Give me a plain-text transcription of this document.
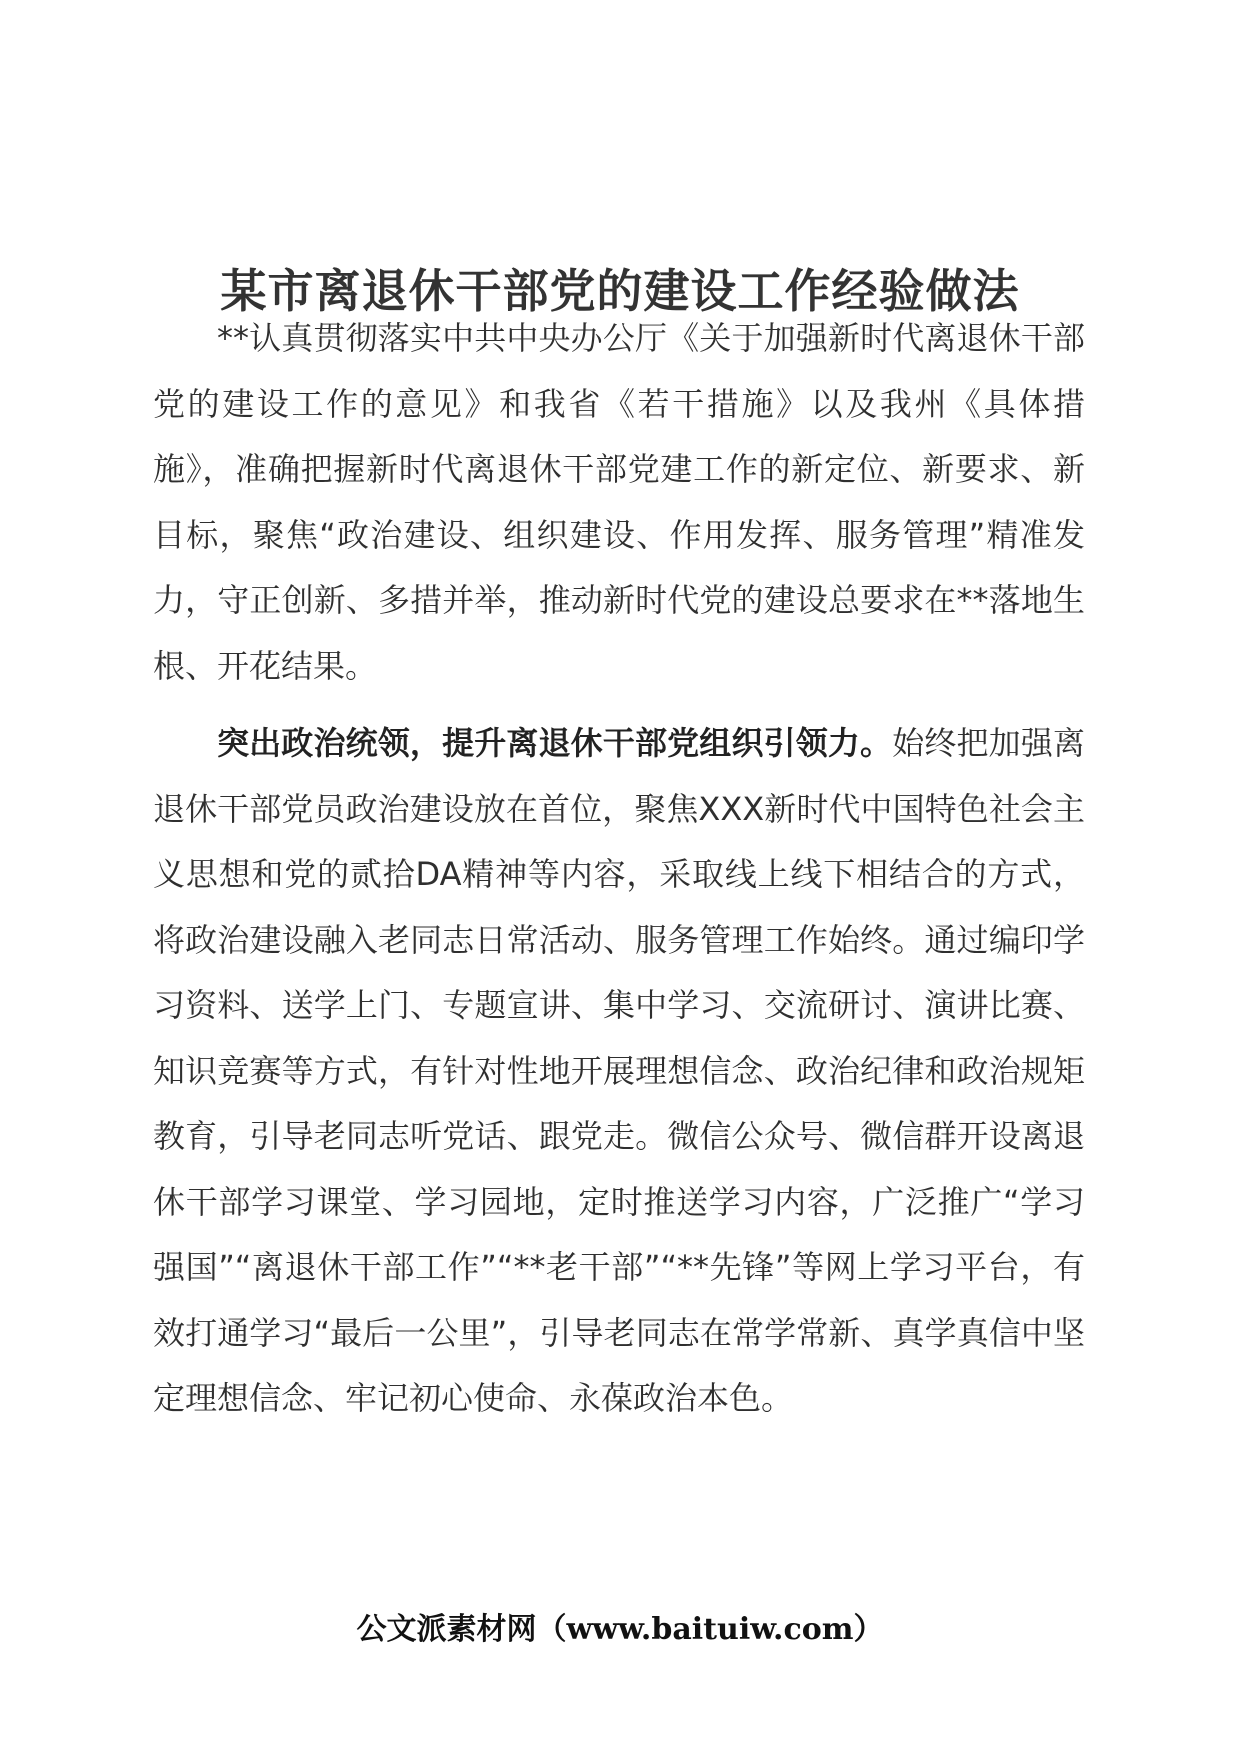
某市离退休干部党的建设工作经验做法

**认真贯彻落实中共中央办公厅《关于加强新时代离退休干部党的建设工作的意见》和我省《若干措施》以及我州《具体措施》，准确把握新时代离退休干部党建工作的新定位、新要求、新目标，聚焦“政治建设、组织建设、作用发挥、服务管理”精准发力，守正创新、多措并举，推动新时代党的建设总要求在**落地生根、开花结果。

突出政治统领，提升离退休干部党组织引领力。始终把加强离退休干部党员政治建设放在首位，聚焦XXX新时代中国特色社会主义思想和党的贰拾DA精神等内容，采取线上线下相结合的方式，将政治建设融入老同志日常活动、服务管理工作始终。通过编印学习资料、送学上门、专题宣讲、集中学习、交流研讨、演讲比赛、知识竞赛等方式，有针对性地开展理想信念、政治纪律和政治规矩教育，引导老同志听党话、跟党走。微信公众号、微信群开设离退休干部学习课堂、学习园地，定时推送学习内容，广泛推广“学习强国”“离退休干部工作”“**老干部”“**先锋”等网上学习平台，有效打通学习“最后一公里”，引导老同志在常学常新、真学真信中坚定理想信念、牢记初心使命、永葆政治本色。

公文派素材网（www.baituiw.com）
